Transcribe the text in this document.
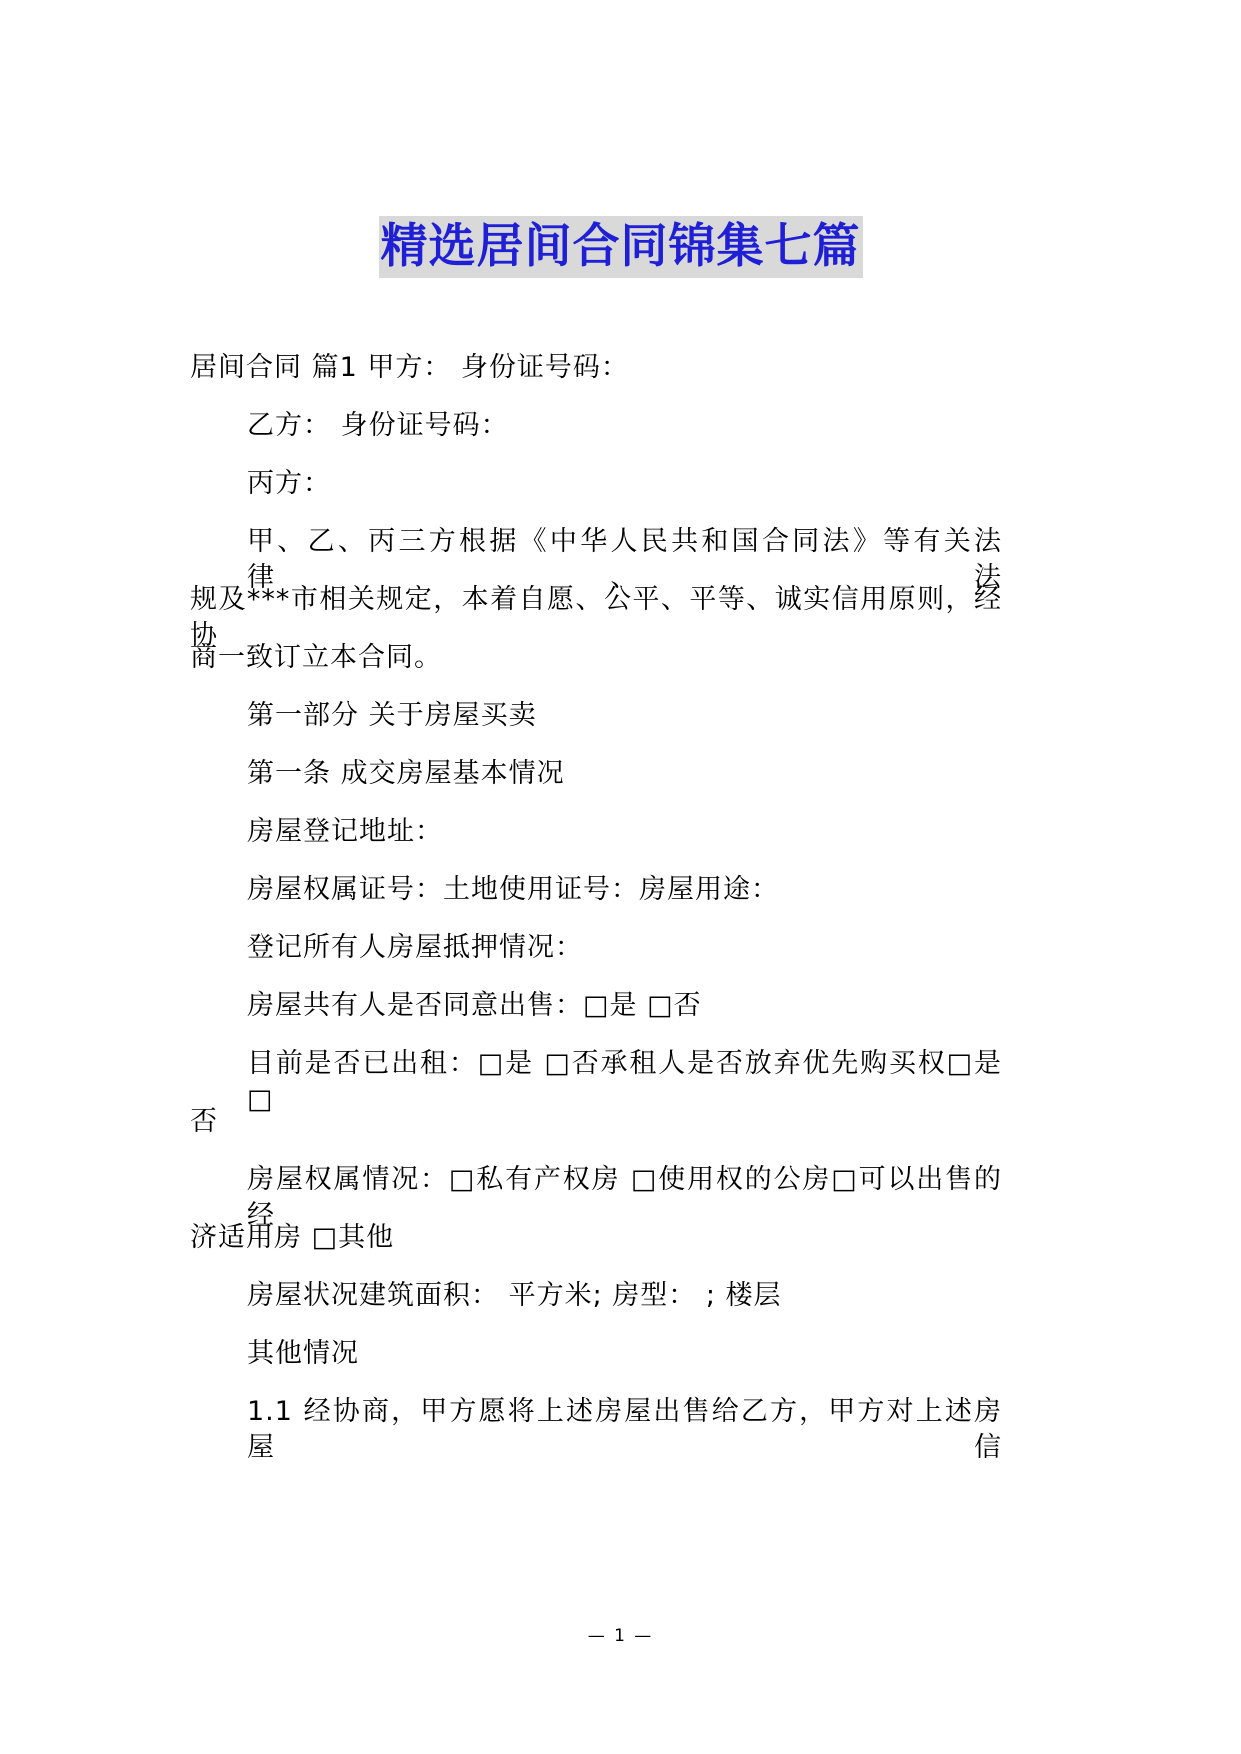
精选居间合同锦集七篇
居间合同 篇1 甲方： 身份证号码：
乙方： 身份证号码：
丙方：
甲、乙、丙三方根据《中华人民共和国合同法》等有关法律、法
规及***市相关规定，本着自愿、公平、平等、诚实信用原则，经协
商一致订立本合同。
第一部分 关于房屋买卖
第一条 成交房屋基本情况
房屋登记地址：
房屋权属证号：土地使用证号：房屋用途：
登记所有人房屋抵押情况：
房屋共有人是否同意出售：□是 □否
目前是否已出租：□是 □否承租人是否放弃优先购买权□是 □
否
房屋权属情况：□私有产权房 □使用权的公房□可以出售的经
济适用房 □其他
房屋状况建筑面积： 平方米; 房型： ; 楼层
其他情况
1.1 经协商，甲方愿将上述房屋出售给乙方，甲方对上述房屋信
— 1 —
